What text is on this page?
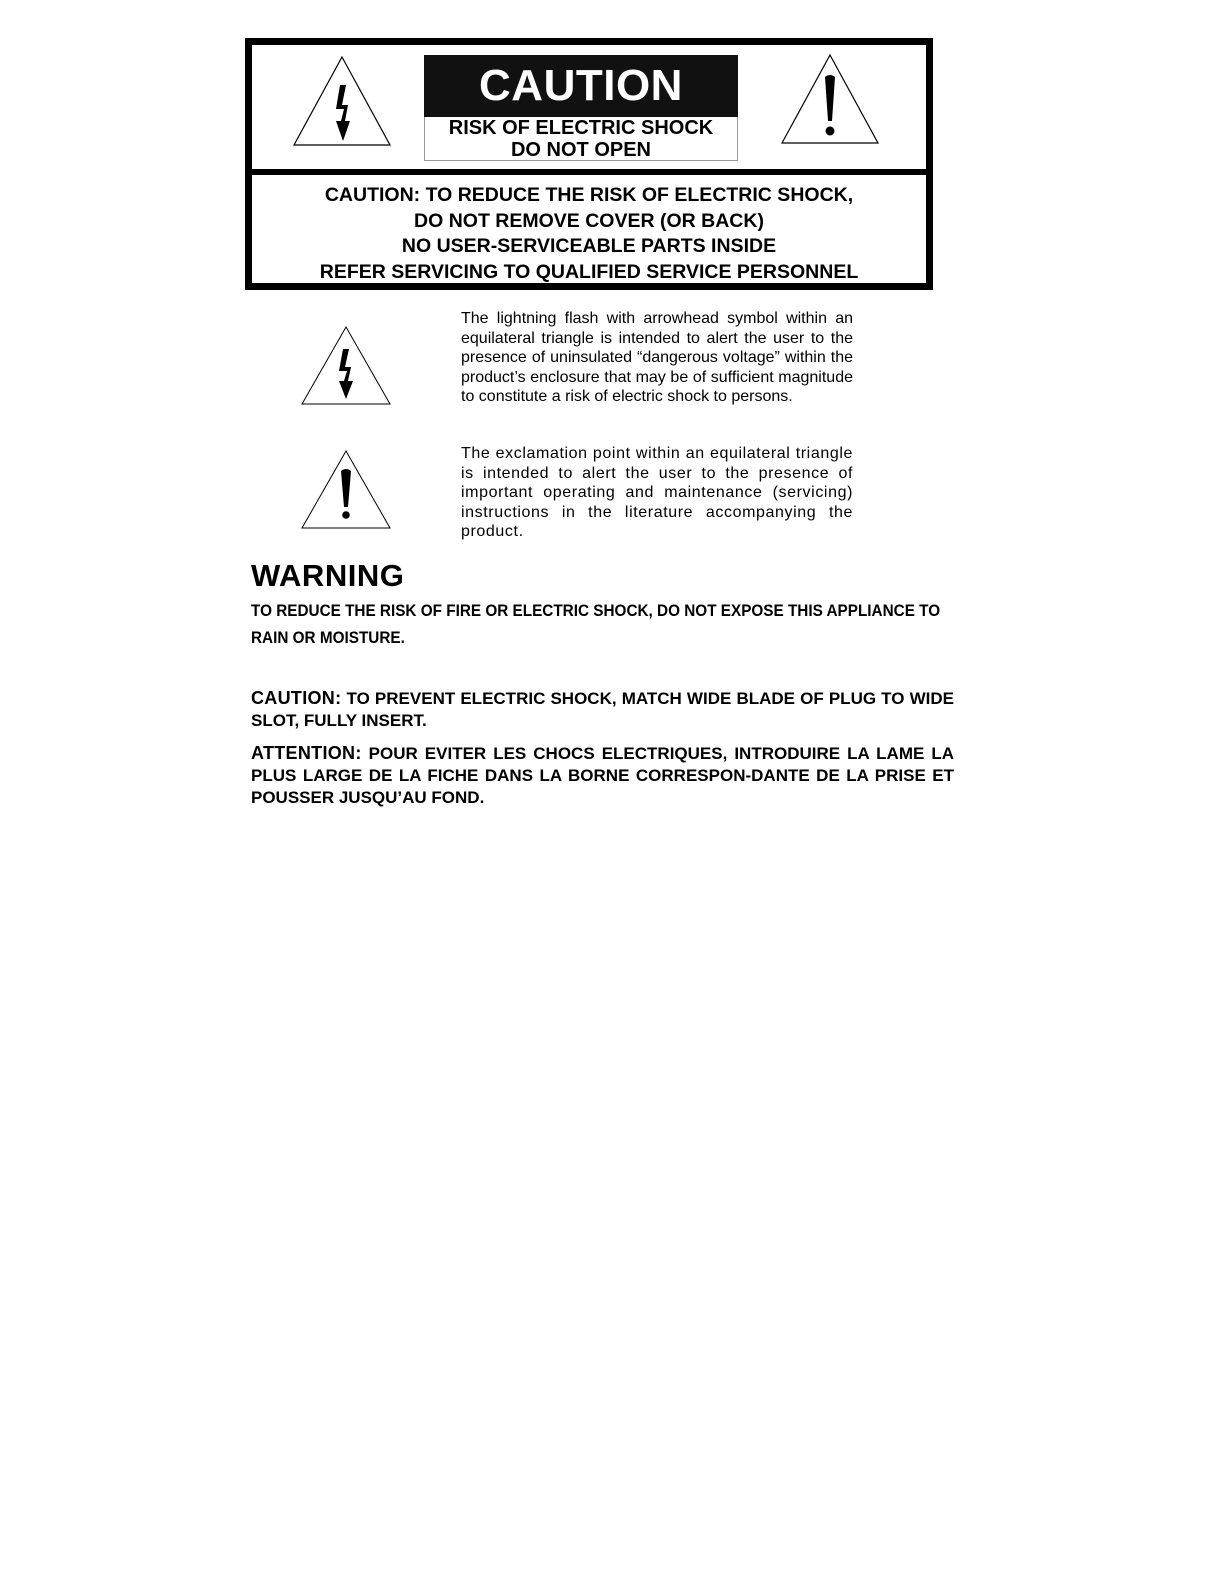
CAUTION
RISK OF ELECTRIC SHOCK
DO NOT OPEN
CAUTION: TO REDUCE THE RISK OF ELECTRIC SHOCK,
DO NOT REMOVE COVER (OR BACK)
NO USER-SERVICEABLE PARTS INSIDE
REFER SERVICING TO QUALIFIED SERVICE PERSONNEL
The lightning flash with arrowhead symbol within an equilateral triangle is intended to alert the user to the presence of uninsulated “dangerous voltage” within the product’s enclosure that may be of sufficient magnitude to constitute a risk of electric shock to persons.
The exclamation point within an equilateral triangle is intended to alert the user to the presence of important operating and maintenance (servicing) instructions in the literature accompanying the product.
WARNING
TO REDUCE THE RISK OF FIRE OR ELECTRIC SHOCK, DO NOT EXPOSE THIS APPLIANCE TO RAIN OR MOISTURE.
CAUTION: TO PREVENT ELECTRIC SHOCK, MATCH WIDE BLADE OF PLUG TO WIDE SLOT, FULLY INSERT.
ATTENTION: POUR EVITER LES CHOCS ELECTRIQUES, INTRODUIRE LA LAME LA PLUS LARGE DE LA FICHE DANS LA BORNE CORRESPON-DANTE DE LA PRISE ET POUSSER JUSQU’AU FOND.
